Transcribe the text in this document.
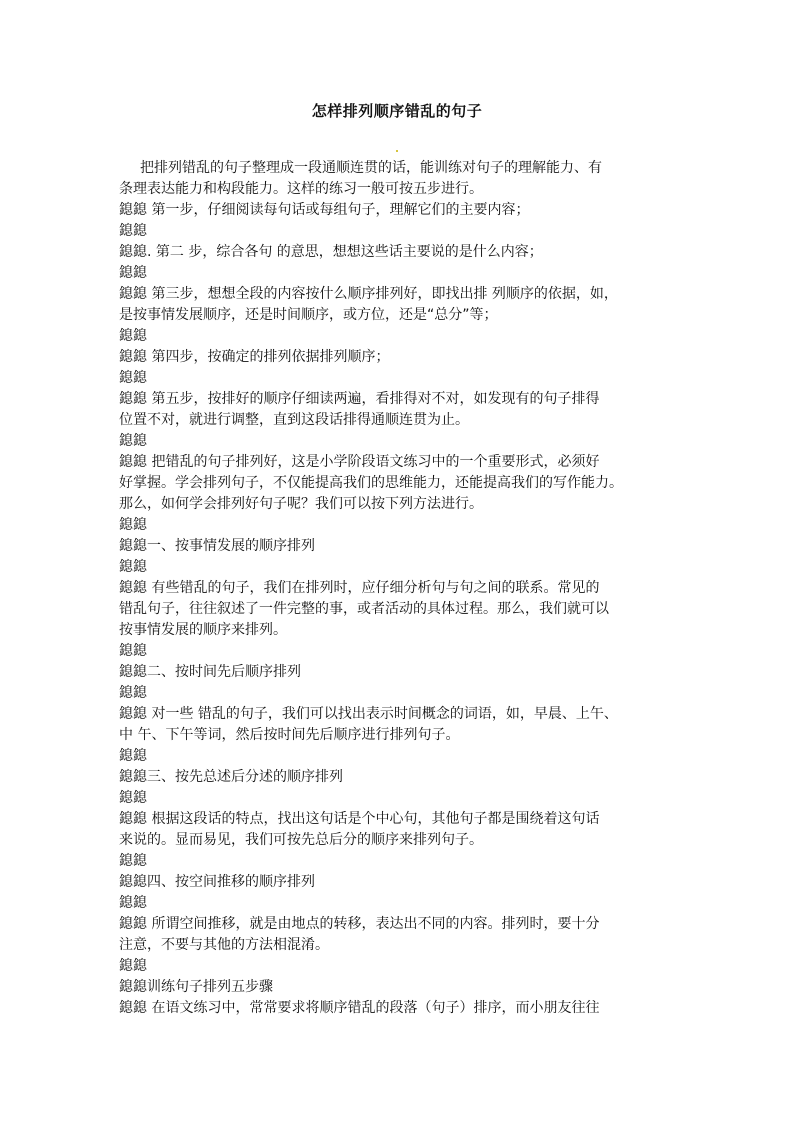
怎样排列顺序错乱的句子
把排列错乱的句子整理成一段通顺连贯的话，能训练对句子的理解能力、有
条理表达能力和构段能力。这样的练习一般可按五步进行。
鎴鎴 第一步，仔细阅读每句话或每组句子，理解它们的主要内容；
鎴鎴
鎴鎴. 第二 步，综合各句 的意思，想想这些话主要说的是什么内容；
鎴鎴
鎴鎴 第三步，想想全段的内容按什么顺序排列好，即找出排 列顺序的依据，如，
是按事情发展顺序，还是时间顺序，或方位，还是“总分”等；
鎴鎴
鎴鎴 第四步，按确定的排列依据排列顺序；
鎴鎴
鎴鎴 第五步，按排好的顺序仔细读两遍，看排得对不对，如发现有的句子排得
位置不对，就进行调整，直到这段话排得通顺连贯为止。
鎴鎴
鎴鎴 把错乱的句子排列好，这是小学阶段语文练习中的一个重要形式，必须好
好掌握。学会排列句子，不仅能提高我们的思维能力，还能提高我们的写作能力。
那么，如何学会排列好句子呢？我们可以按下列方法进行。
鎴鎴
鎴鎴一、按事情发展的顺序排列
鎴鎴
鎴鎴 有些错乱的句子，我们在排列时，应仔细分析句与句之间的联系。常见的
错乱句子，往往叙述了一件完整的事，或者活动的具体过程。那么，我们就可以
按事情发展的顺序来排列。
鎴鎴
鎴鎴二、按时间先后顺序排列
鎴鎴
鎴鎴 对一些 错乱的句子，我们可以找出表示时间概念的词语，如，早晨、上午、
中 午、下午等词，然后按时间先后顺序进行排列句子。
鎴鎴
鎴鎴三、按先总述后分述的顺序排列
鎴鎴
鎴鎴 根据这段话的特点，找出这句话是个中心句，其他句子都是围绕着这句话
来说的。显而易见，我们可按先总后分的顺序来排列句子。
鎴鎴
鎴鎴四、按空间推移的顺序排列
鎴鎴
鎴鎴 所谓空间推移，就是由地点的转移，表达出不同的内容。排列时，要十分
注意，不要与其他的方法相混淆。
鎴鎴
鎴鎴训练句子排列五步骤
鎴鎴 在语文练习中，常常要求将顺序错乱的段落（句子）排序，而小朋友往往
